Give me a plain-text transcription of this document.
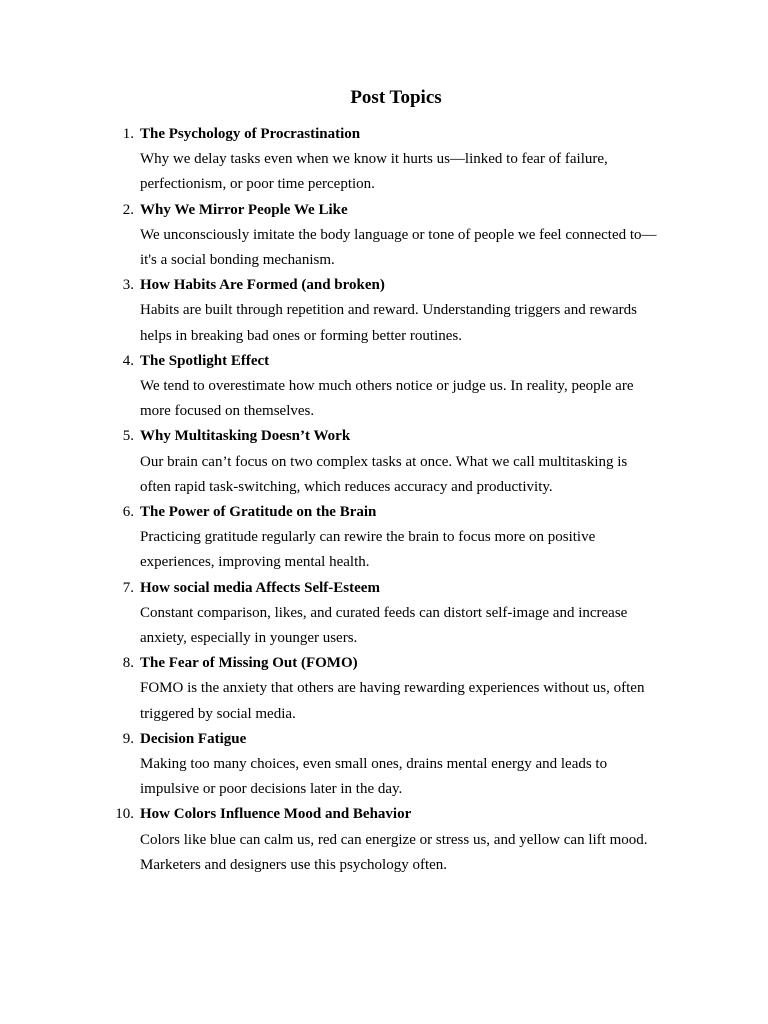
Post Topics
1. The Psychology of Procrastination
Why we delay tasks even when we know it hurts us—linked to fear of failure,
perfectionism, or poor time perception.
2. Why We Mirror People We Like
We unconsciously imitate the body language or tone of people we feel connected to—
it's a social bonding mechanism.
3. How Habits Are Formed (and broken)
Habits are built through repetition and reward. Understanding triggers and rewards
helps in breaking bad ones or forming better routines.
4. The Spotlight Effect
We tend to overestimate how much others notice or judge us. In reality, people are
more focused on themselves.
5. Why Multitasking Doesn’t Work
Our brain can’t focus on two complex tasks at once. What we call multitasking is
often rapid task-switching, which reduces accuracy and productivity.
6. The Power of Gratitude on the Brain
Practicing gratitude regularly can rewire the brain to focus more on positive
experiences, improving mental health.
7. How social media Affects Self-Esteem
Constant comparison, likes, and curated feeds can distort self-image and increase
anxiety, especially in younger users.
8. The Fear of Missing Out (FOMO)
FOMO is the anxiety that others are having rewarding experiences without us, often
triggered by social media.
9. Decision Fatigue
Making too many choices, even small ones, drains mental energy and leads to
impulsive or poor decisions later in the day.
10. How Colors Influence Mood and Behavior
Colors like blue can calm us, red can energize or stress us, and yellow can lift mood.
Marketers and designers use this psychology often.
